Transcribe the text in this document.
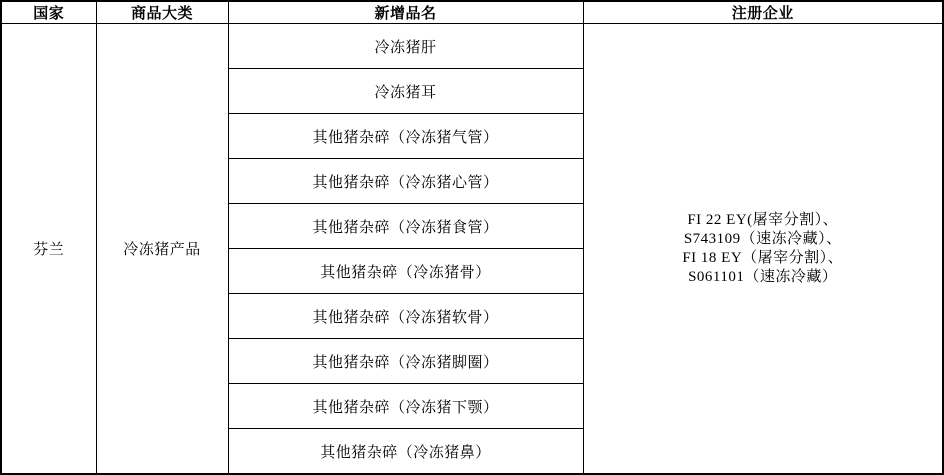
国家	商品大类	新增品名	注册企业
芬兰	冷冻猪产品	冷冻猪肝	FI 22 EY(屠宰分割）、
S743109（速冻冷藏）、
FI 18 EY（屠宰分割）、
S061101（速冻冷藏）

		冷冻猪耳	
		其他猪杂碎（冷冻猪气管）	
		其他猪杂碎（冷冻猪心管）	
		其他猪杂碎（冷冻猪食管）	
		其他猪杂碎（冷冻猪骨）	
		其他猪杂碎（冷冻猪软骨）	
		其他猪杂碎（冷冻猪脚圈）	
		其他猪杂碎（冷冻猪下颚）	
		其他猪杂碎（冷冻猪鼻）	
